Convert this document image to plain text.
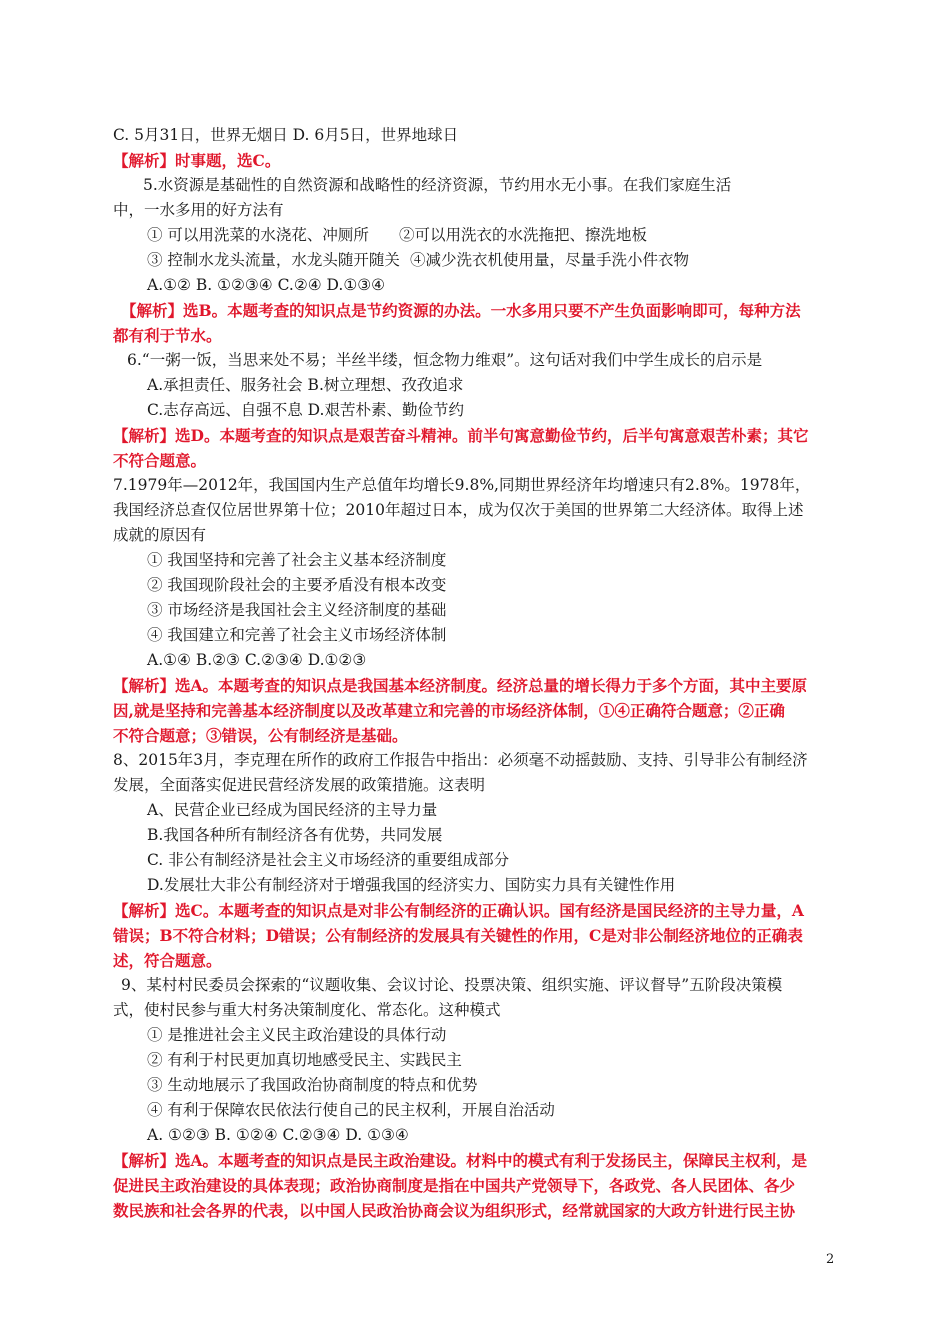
C. 5月31日，世界无烟日 D. 6月5日，世界地球日
【解析】时事题，选C。
5.水资源是基础性的自然资源和战略性的经济资源，节约用水无小事。在我们家庭生活
中，一水多用的好方法有
① 可以用洗菜的水浇花、冲厕所 ②可以用洗衣的水洗拖把、擦洗地板
③ 控制水龙头流量，水龙头随开随关 ④减少洗衣机使用量，尽量手洗小件衣物
A.①② B. ①②③④ C.②④ D.①③④
【解析】选B。本题考查的知识点是节约资源的办法。一水多用只要不产生负面影响即可，每种方法
都有利于节水。
6.“一粥一饭，当思来处不易；半丝半缕，恒念物力维艰”。这句话对我们中学生成长的启示是
A.承担责任、服务社会 B.树立理想、孜孜追求
C.志存高远、自强不息 D.艰苦朴素、勤俭节约
【解析】选D。本题考查的知识点是艰苦奋斗精神。前半句寓意勤俭节约，后半句寓意艰苦朴素；其它
不符合题意。
7.1979年—2012年，我国国内生产总值年均增长9.8%,同期世界经济年均增速只有2.8%。1978年，
我国经济总查仅位居世界第十位；2010年超过日本，成为仅次于美国的世界第二大经济体。取得上述
成就的原因有
① 我国坚持和完善了社会主义基本经济制度
② 我国现阶段社会的主要矛盾没有根本改变
③ 市场经济是我国社会主义经济制度的基础
④ 我国建立和完善了社会主义市场经济体制
A.①④ B.②③ C.②③④ D.①②③
【解析】选A。本题考查的知识点是我国基本经济制度。经济总量的增长得力于多个方面，其中主要原
因,就是坚持和完善基本经济制度以及改革建立和完善的市场经济体制，①④正确符合题意；②正确
不符合题意；③错误，公有制经济是基础。
8、2015年3月，李克理在所作的政府工作报告中指出：必须毫不动摇鼓励、支持、引导非公有制经济
发展，全面落实促进民营经济发展的政策措施。这表明
A、民营企业已经成为国民经济的主导力量
B.我国各种所有制经济各有优势，共同发展
C. 非公有制经济是社会主义市场经济的重要组成部分
D.发展壮大非公有制经济对于增强我国的经济实力、国防实力具有关键性作用
【解析】选C。本题考查的知识点是对非公有制经济的正确认识。国有经济是国民经济的主导力量，A
错误；B不符合材料；D错误；公有制经济的发展具有关键性的作用，C是对非公制经济地位的正确表
述，符合题意。
9、某村村民委员会探索的“议题收集、会议讨论、投票决策、组织实施、评议督导”五阶段决策模
式，使村民参与重大村务决策制度化、常态化。这种模式
① 是推进社会主义民主政治建设的具体行动
② 有利于村民更加真切地感受民主、实践民主
③ 生动地展示了我国政治协商制度的特点和优势
④ 有利于保障农民依法行使自己的民主权利，开展自治活动
A. ①②③ B. ①②④ C.②③④ D. ①③④
【解析】选A。本题考查的知识点是民主政治建设。材料中的模式有利于发扬民主，保障民主权利，是
促进民主政治建设的具体表现；政治协商制度是指在中国共产党领导下，各政党、各人民团体、各少
数民族和社会各界的代表，以中国人民政治协商会议为组织形式，经常就国家的大政方针进行民主协
2
